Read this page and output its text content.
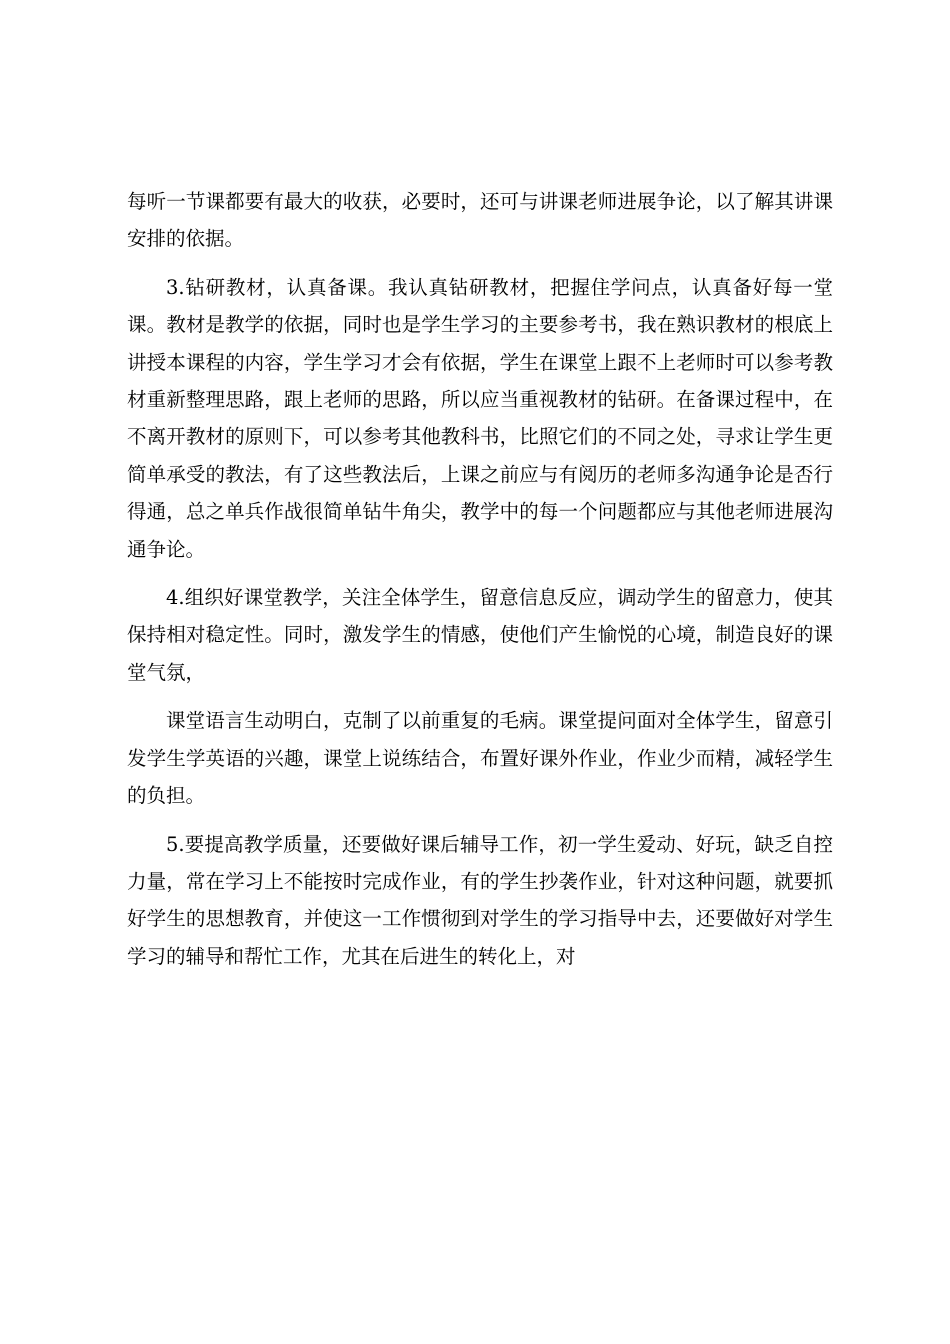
每听一节课都要有最大的收获，必要时，还可与讲课老师进展争论，以了解其讲课安排的依据。

3.钻研教材，认真备课。我认真钻研教材，把握住学问点，认真备好每一堂课。教材是教学的依据，同时也是学生学习的主要参考书，我在熟识教材的根底上讲授本课程的内容，学生学习才会有依据，学生在课堂上跟不上老师时可以参考教材重新整理思路，跟上老师的思路，所以应当重视教材的钻研。在备课过程中，在不离开教材的原则下，可以参考其他教科书，比照它们的不同之处，寻求让学生更简单承受的教法，有了这些教法后，上课之前应与有阅历的老师多沟通争论是否行得通，总之单兵作战很简单钻牛角尖，教学中的每一个问题都应与其他老师进展沟通争论。

4.组织好课堂教学，关注全体学生，留意信息反应，调动学生的留意力，使其保持相对稳定性。同时，激发学生的情感，使他们产生愉悦的心境，制造良好的课堂气氛，

课堂语言生动明白，克制了以前重复的毛病。课堂提问面对全体学生，留意引发学生学英语的兴趣，课堂上说练结合，布置好课外作业，作业少而精，减轻学生的负担。

5.要提高教学质量，还要做好课后辅导工作，初一学生爱动、好玩，缺乏自控力量，常在学习上不能按时完成作业，有的学生抄袭作业，针对这种问题，就要抓好学生的思想教育，并使这一工作惯彻到对学生的学习指导中去，还要做好对学生学习的辅导和帮忙工作，尤其在后进生的转化上，对
